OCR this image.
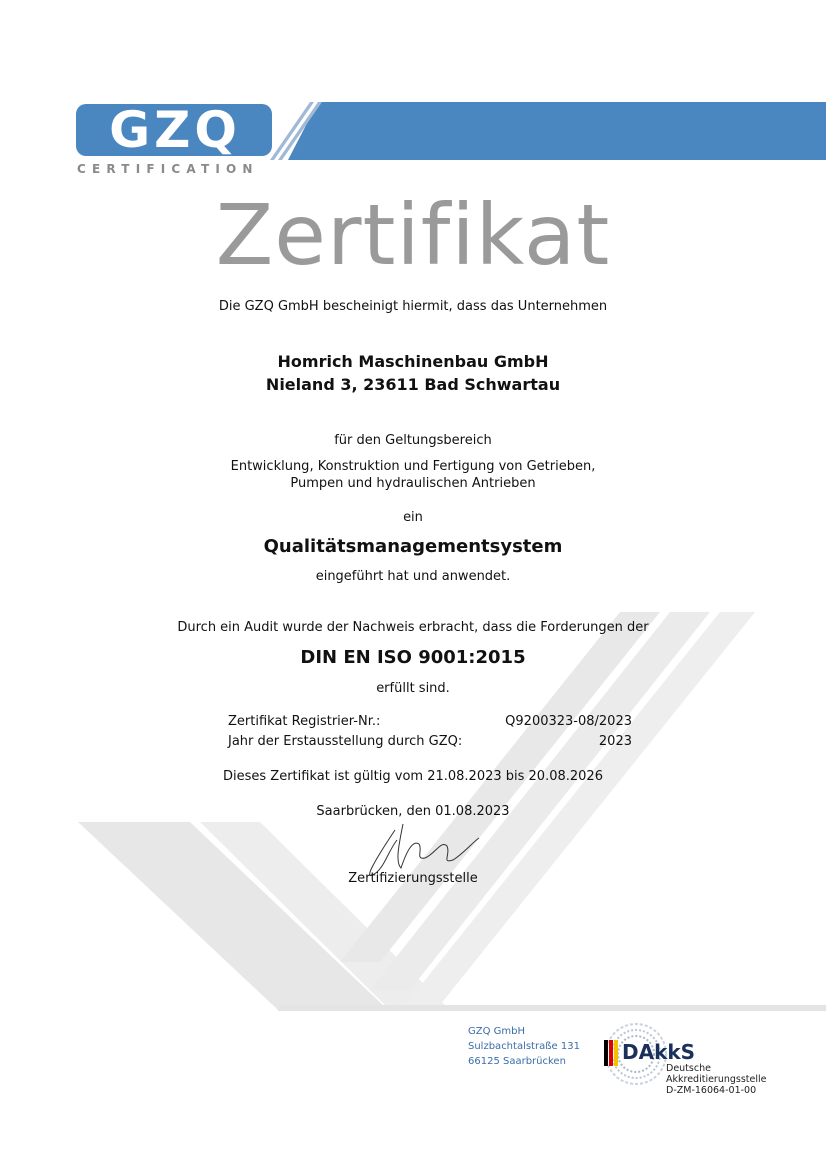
GZQ
CERTIFICATION
Zertifikat
Die GZQ GmbH bescheinigt hiermit, dass das Unternehmen
Homrich Maschinenbau GmbH
Nieland 3, 23611 Bad Schwartau
für den Geltungsbereich
Entwicklung, Konstruktion und Fertigung von Getrieben,
Pumpen und hydraulischen Antrieben
ein
Qualitätsmanagementsystem
eingeführt hat und anwendet.
Durch ein Audit wurde der Nachweis erbracht, dass die Forderungen der
DIN EN ISO 9001:2015
erfüllt sind.
Zertifikat Registrier-Nr.:	Q9200323-08/2023
Jahr der Erstausstellung durch GZQ:	2023
Dieses Zertifikat ist gültig vom 21.08.2023 bis 20.08.2026
Saarbrücken, den 01.08.2023
Zertifizierungsstelle
GZQ GmbH
Sulzbachtalstraße 131
66125 Saarbrücken	DAkkS
Deutsche
Akkreditierungsstelle
D-ZM-16064-01-00
